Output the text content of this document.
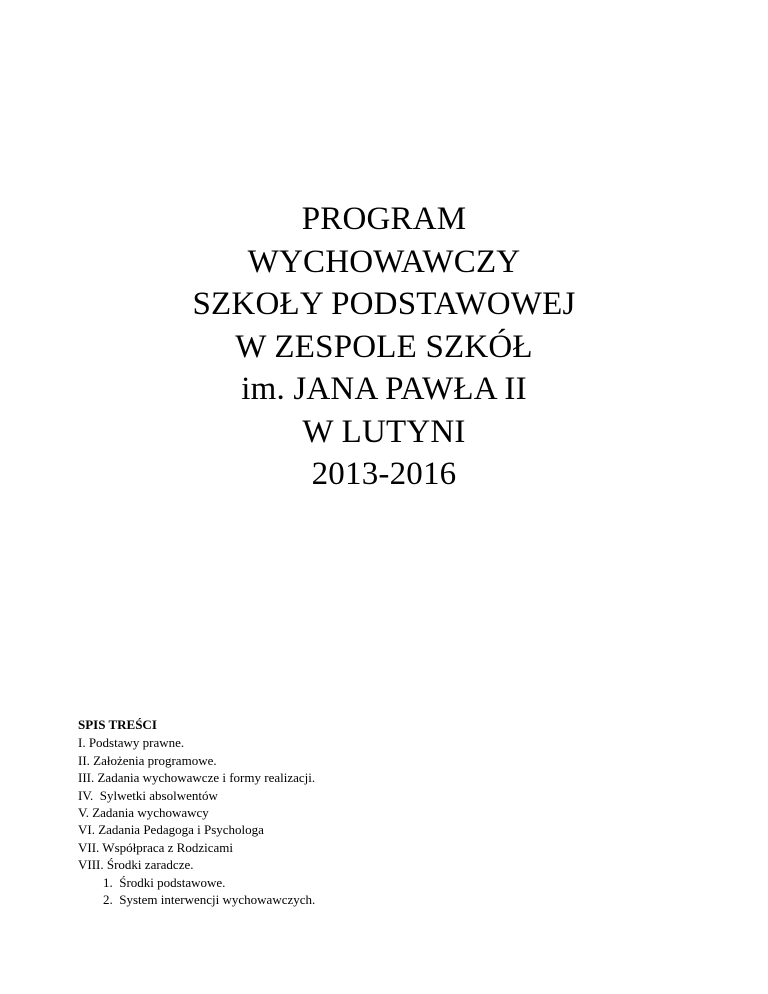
PROGRAM
WYCHOWAWCZY
SZKOŁY PODSTAWOWEJ
W ZESPOLE SZKÓŁ
im. JANA PAWŁA II
W LUTYNI
2013-2016
SPIS TREŚCI
I. Podstawy prawne.
II. Założenia programowe.
III. Zadania wychowawcze i formy realizacji.
IV.  Sylwetki absolwentów
V. Zadania wychowawcy
VI. Zadania Pedagoga i Psychologa
VII. Współpraca z Rodzicami
VIII. Środki zaradcze.
1.  Środki podstawowe.
2.  System interwencji wychowawczych.
